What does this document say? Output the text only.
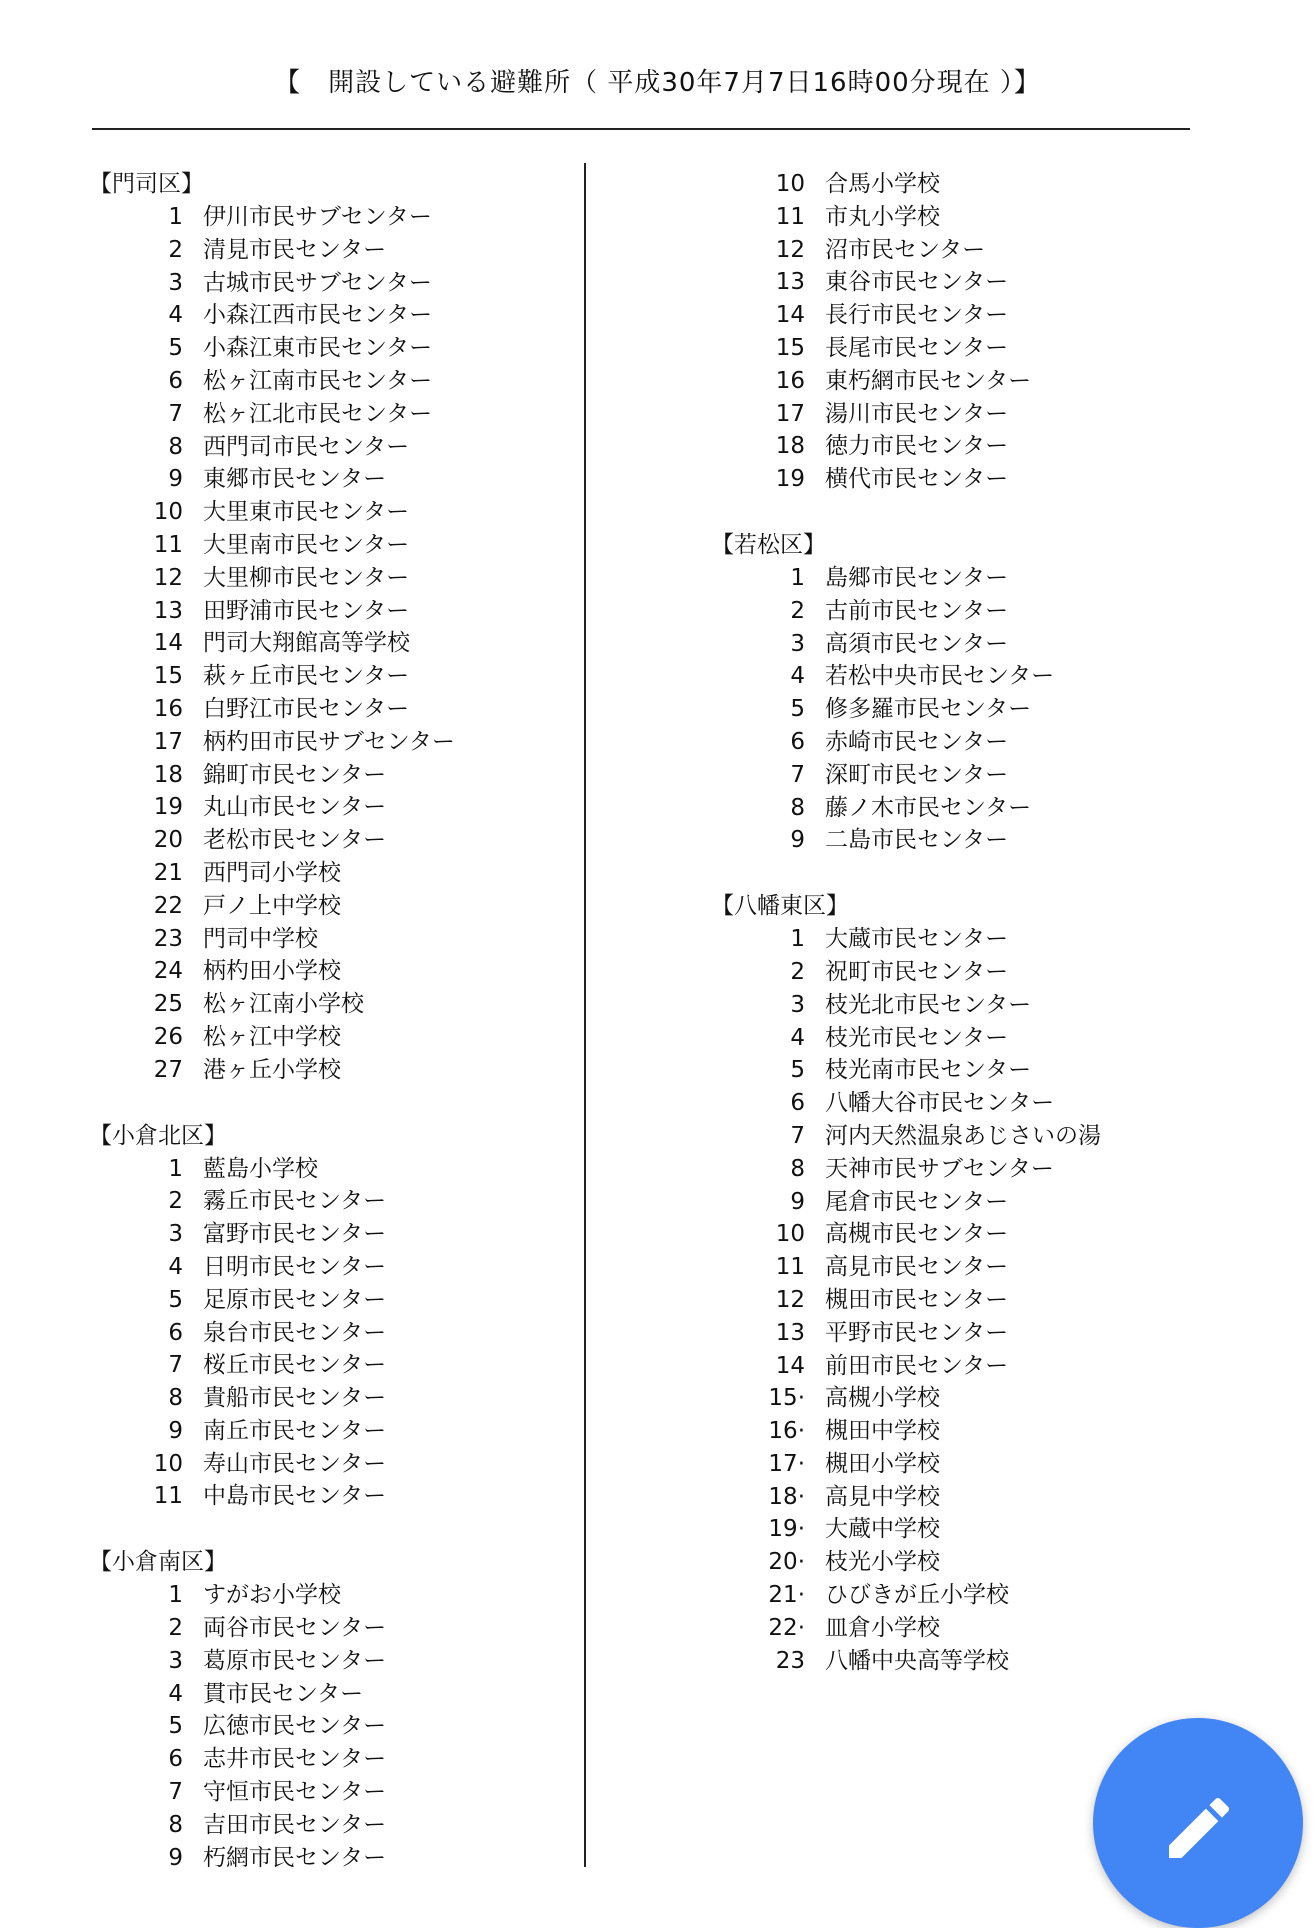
【　開設している避難所（ 平成30年7月7日16時00分現在 ）】
【門司区】
1 伊川市民サブセンター
2 清見市民センター
3 古城市民サブセンター
4 小森江西市民センター
5 小森江東市民センター
6 松ヶ江南市民センター
7 松ヶ江北市民センター
8 西門司市民センター
9 東郷市民センター
10 大里東市民センター
11 大里南市民センター
12 大里柳市民センター
13 田野浦市民センター
14 門司大翔館高等学校
15 萩ヶ丘市民センター
16 白野江市民センター
17 柄杓田市民サブセンター
18 錦町市民センター
19 丸山市民センター
20 老松市民センター
21 西門司小学校
22 戸ノ上中学校
23 門司中学校
24 柄杓田小学校
25 松ヶ江南小学校
26 松ヶ江中学校
27 港ヶ丘小学校
【小倉北区】
1 藍島小学校
2 霧丘市民センター
3 富野市民センター
4 日明市民センター
5 足原市民センター
6 泉台市民センター
7 桜丘市民センター
8 貴船市民センター
9 南丘市民センター
10 寿山市民センター
11 中島市民センター
【小倉南区】
1 すがお小学校
2 両谷市民センター
3 葛原市民センター
4 貫市民センター
5 広徳市民センター
6 志井市民センター
7 守恒市民センター
8 吉田市民センター
9 朽網市民センター
10 合馬小学校
11 市丸小学校
12 沼市民センター
13 東谷市民センター
14 長行市民センター
15 長尾市民センター
16 東朽網市民センター
17 湯川市民センター
18 徳力市民センター
19 横代市民センター
【若松区】
1 島郷市民センター
2 古前市民センター
3 高須市民センター
4 若松中央市民センター
5 修多羅市民センター
6 赤崎市民センター
7 深町市民センター
8 藤ノ木市民センター
9 二島市民センター
【八幡東区】
1 大蔵市民センター
2 祝町市民センター
3 枝光北市民センター
4 枝光市民センター
5 枝光南市民センター
6 八幡大谷市民センター
7 河内天然温泉あじさいの湯
8 天神市民サブセンター
9 尾倉市民センター
10 高槻市民センター
11 高見市民センター
12 槻田市民センター
13 平野市民センター
14 前田市民センター
15· 高槻小学校
16· 槻田中学校
17· 槻田小学校
18· 高見中学校
19· 大蔵中学校
20· 枝光小学校
21· ひびきが丘小学校
22· 皿倉小学校
23 八幡中央高等学校
